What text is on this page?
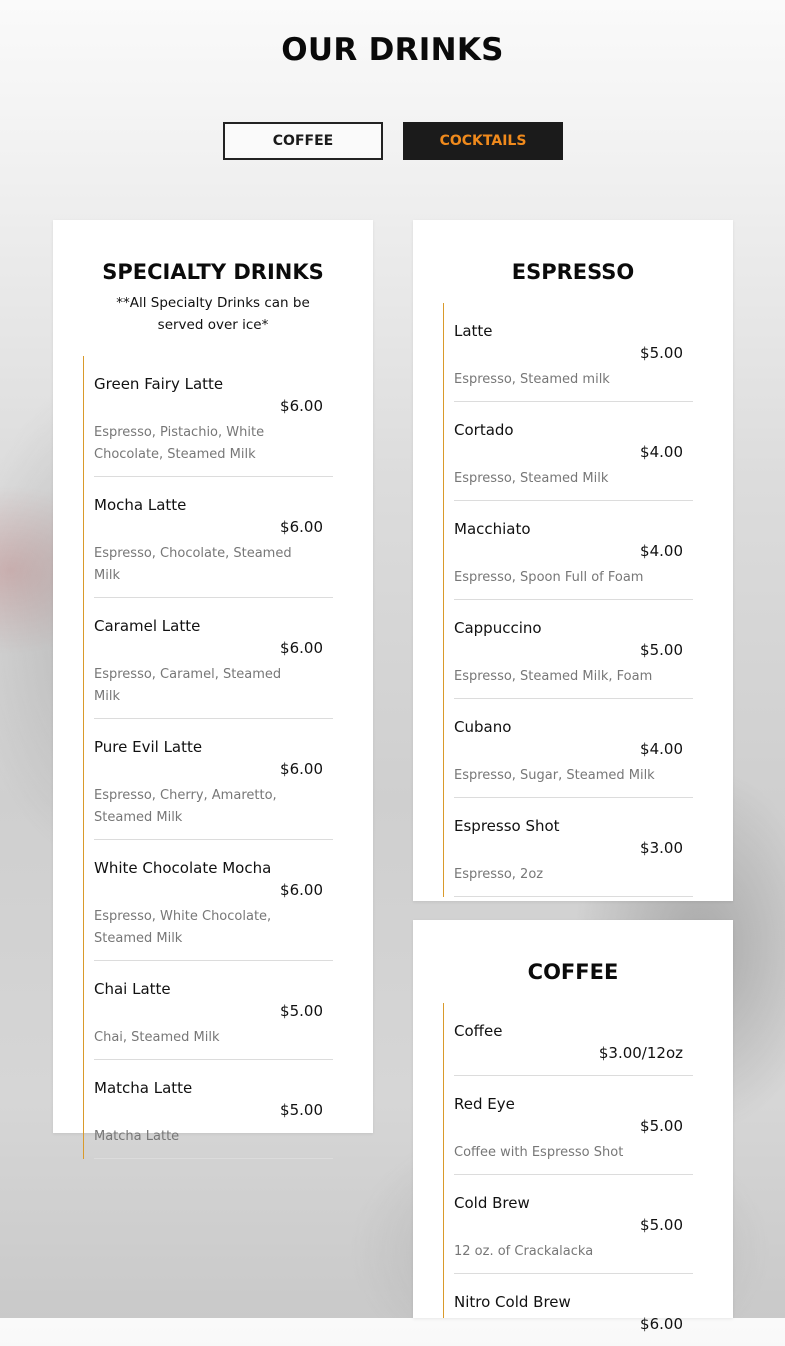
OUR DRINKS
COFFEE	COCKTAILS
SPECIALTY DRINKS
**All Specialty Drinks can be served over ice*
Green Fairy Latte
$6.00
Espresso, Pistachio, White Chocolate, Steamed Milk
Mocha Latte
$6.00
Espresso, Chocolate, Steamed Milk
Caramel Latte
$6.00
Espresso, Caramel, Steamed Milk
Pure Evil Latte
$6.00
Espresso, Cherry, Amaretto, Steamed Milk
White Chocolate Mocha
$6.00
Espresso, White Chocolate, Steamed Milk
Chai Latte
$5.00
Chai, Steamed Milk
Matcha Latte
$5.00
Matcha Latte
ESPRESSO
Latte
$5.00
Espresso, Steamed milk
Cortado
$4.00
Espresso, Steamed Milk
Macchiato
$4.00
Espresso, Spoon Full of Foam
Cappuccino
$5.00
Espresso, Steamed Milk, Foam
Cubano
$4.00
Espresso, Sugar, Steamed Milk
Espresso Shot
$3.00
Espresso, 2oz
COFFEE
Coffee
$3.00/12oz
Red Eye
$5.00
Coffee with Espresso Shot
Cold Brew
$5.00
12 oz. of Crackalacka
Nitro Cold Brew
$6.00
